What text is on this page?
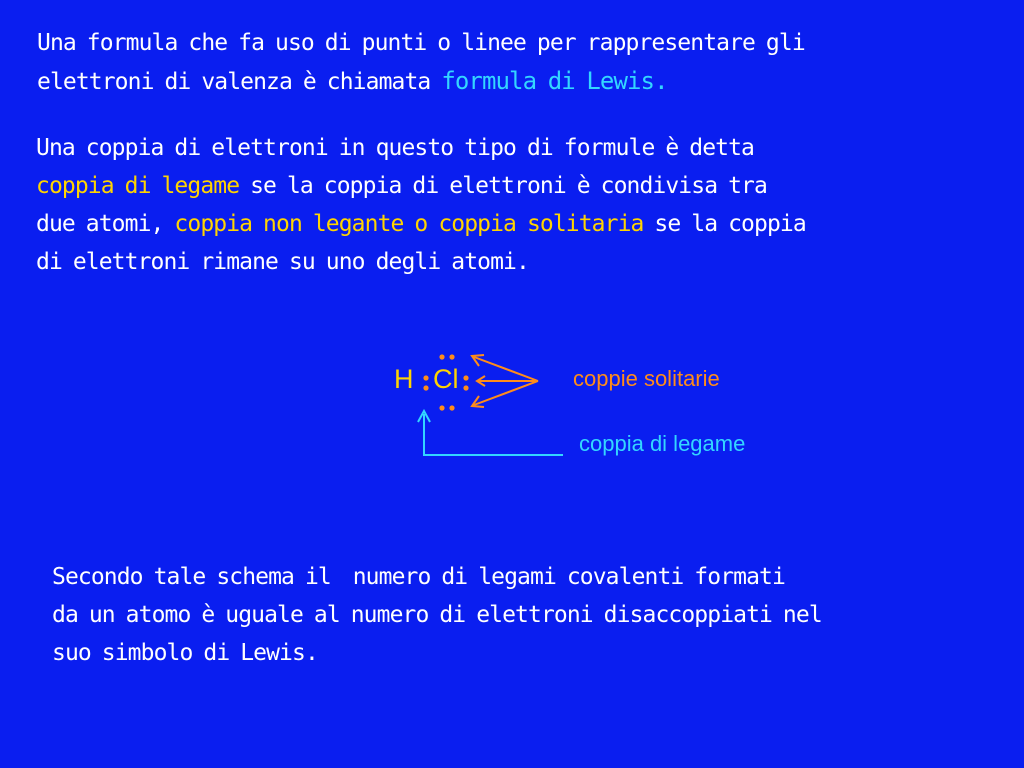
Una formula che fa uso di punti o linee per rappresentare gli
elettroni di valenza è chiamata formula di Lewis.
Una coppia di elettroni in questo tipo di formule è detta
coppia di legame se la coppia di elettroni è condivisa tra
due atomi, coppia non legante o coppia solitaria se la coppia
di elettroni rimane su uno degli atomi.
H Cl	coppie solitarie
coppia di legame
Secondo tale schema il  numero di legami covalenti formati
da un atomo è uguale al numero di elettroni disaccoppiati nel
suo simbolo di Lewis.
